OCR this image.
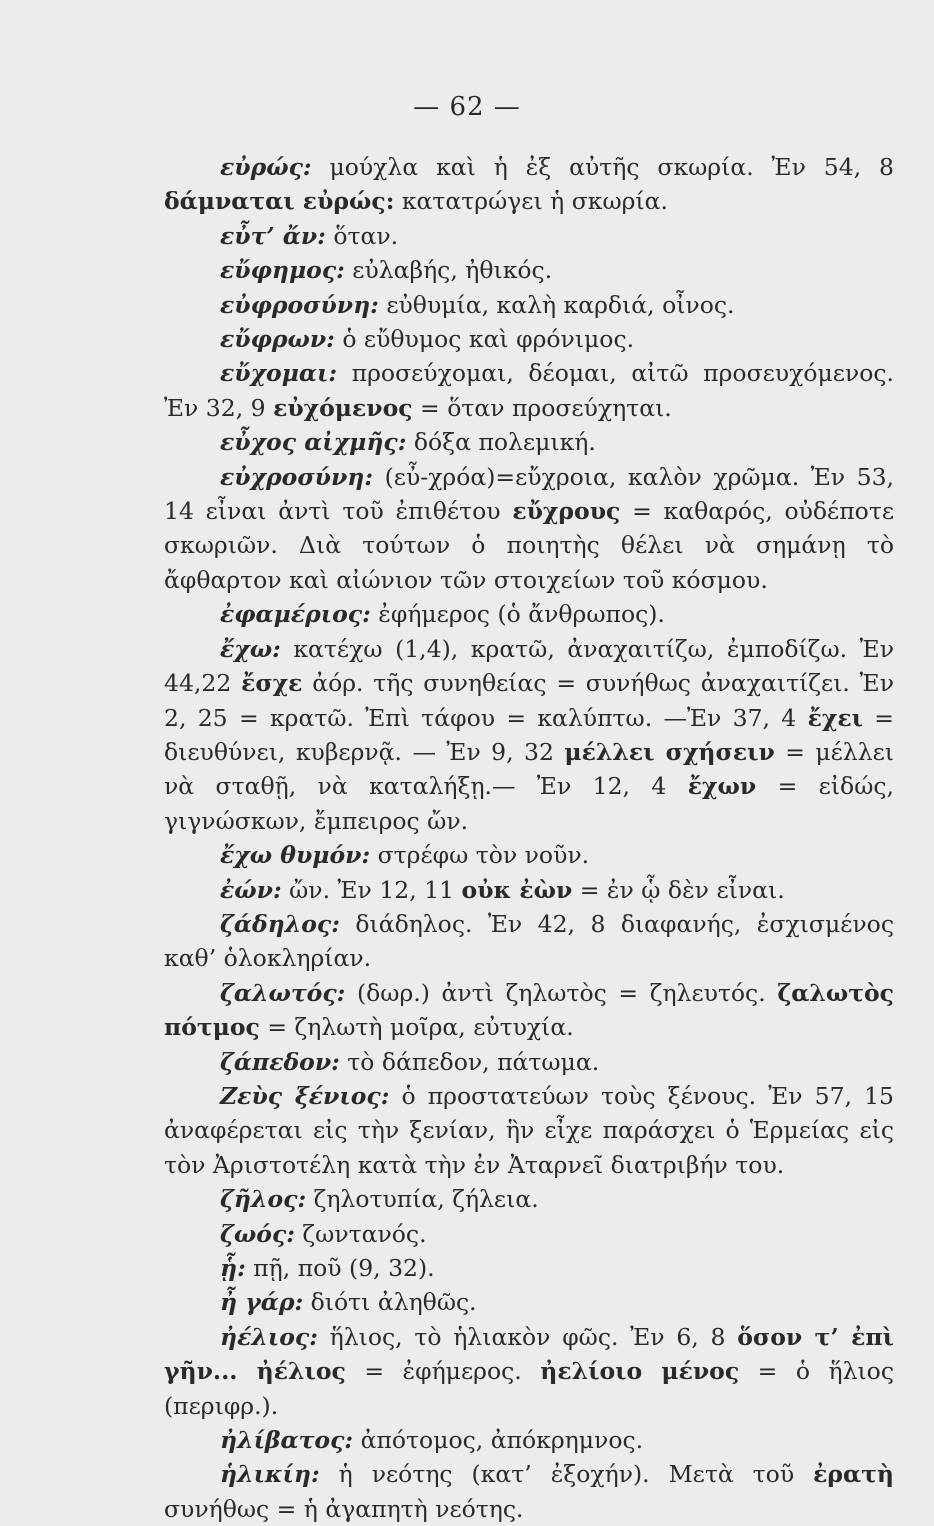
— 62 —

εὐρώς: μούχλα καὶ ἡ ἐξ αὐτῆς σκωρία. Ἐν 54, 8 δάμναται εὐρώς: κατατρώγει ἡ σκωρία.

εὖτ’ ἄν: ὅταν.

εὔφημος: εὐλαβής, ἠθικός.

εὐφροσύνη: εὐθυμία, καλὴ καρδιά, οἶνος.

εὔφρων: ὁ εὔθυμος καὶ φρόνιμος.

εὔχομαι: προσεύχομαι, δέομαι, αἰτῶ προσευχόμενος. Ἐν 32, 9 εὐχόμενος = ὅταν προσεύχηται.

εὖχος αἰχμῆς: δόξα πολεμική.

εὐχροσύνη: (εὖ-χρόα)=εὔχροια, καλὸν χρῶμα. Ἐν 53, 14 εἶναι ἀντὶ τοῦ ἐπιθέτου εὔχρους = καθαρός, οὐδέποτε σκωριῶν. Διὰ τούτων ὁ ποιητὴς θέλει νὰ σημάνῃ τὸ ἄφθαρτον καὶ αἰώνιον τῶν στοιχείων τοῦ κόσμου.

ἐφαμέριος: ἐφήμερος (ὁ ἄνθρωπος).

ἔχω: κατέχω (1,4), κρατῶ, ἀναχαιτίζω, ἐμποδίζω. Ἐν 44,22 ἔσχε ἀόρ. τῆς συνηθείας = συνήθως ἀναχαιτίζει. Ἐν 2, 25 = κρατῶ. Ἐπὶ τάφου = καλύπτω. —Ἐν 37, 4 ἔχει = διευθύνει, κυβερνᾷ. — Ἐν 9, 32 μέλλει σχήσειν = μέλλει νὰ σταθῇ, νὰ καταλήξῃ.— Ἐν 12, 4 ἔχων = εἰδώς, γιγνώσκων, ἔμπειρος ὤν.

ἔχω θυμόν: στρέφω τὸν νοῦν.

ἐών: ὤν. Ἐν 12, 11 οὐκ ἐὼν = ἐν ᾧ δὲν εἶναι.

ζάδηλος: διάδηλος. Ἐν 42, 8 διαφανής, ἐσχισμένος καθ’ ὁλοκληρίαν.

ζαλωτός: (δωρ.) ἀντὶ ζηλωτὸς = ζηλευτός. ζαλωτὸς πότμος = ζηλωτὴ μοῖρα, εὐτυχία.

ζάπεδον: τὸ δάπεδον, πάτωμα.

Ζεὺς ξένιος: ὁ προστατεύων τοὺς ξένους. Ἐν 57, 15 ἀναφέρεται εἰς τὴν ξενίαν, ἣν εἶχε παράσχει ὁ Ἑρμείας εἰς τὸν Ἀριστοτέλη κατὰ τὴν ἐν Ἀταρνεῖ διατριβήν του.

ζῆλος: ζηλοτυπία, ζήλεια.

ζωός: ζωντανός.

ᾗ: πῇ, ποῦ (9, 32).

ἦ γάρ: διότι ἀληθῶς.

ἠέλιος: ἥλιος, τὸ ἡλιακὸν φῶς. Ἐν 6, 8 ὅσον τ’ ἐπὶ γῆν... ἠέλιος = ἐφήμερος. ἠελίοιο μένος = ὁ ἥλιος (περιφρ.).

ἠλίβατος: ἀπότομος, ἀπόκρημνος.

ἡλικίη: ἡ νεότης (κατ’ ἐξοχήν). Μετὰ τοῦ ἐρατὴ συνήθως = ἡ ἀγαπητὴ νεότης.
